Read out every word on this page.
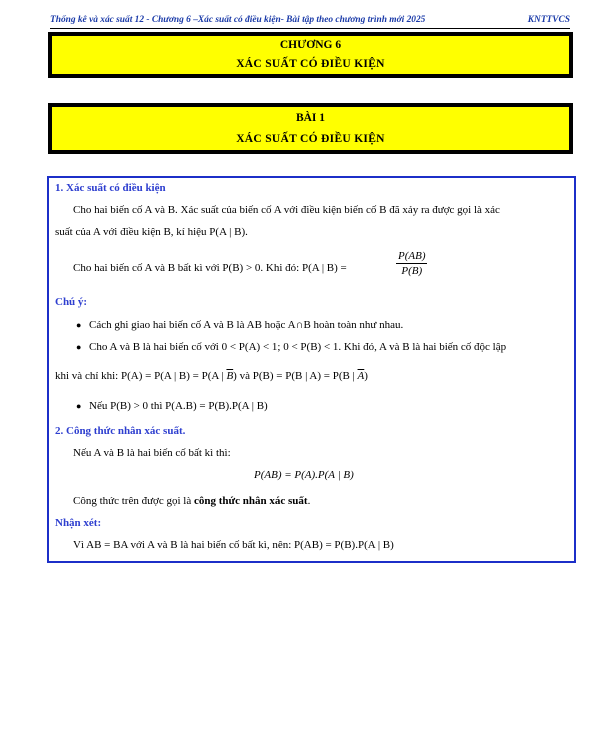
Thống kê và xác suất 12 - Chương 6 –Xác suất có điều kiện- Bài tập theo chương trình mới 2025	KNTTVCS
CHƯƠNG 6
XÁC SUẤT CÓ ĐIỀU KIỆN
BÀI 1
XÁC SUẤT CÓ ĐIỀU KIỆN
1. Xác suất có điều kiện
Cho hai biến cố A và B. Xác suất của biến cố A với điều kiện biến cố B đã xảy ra được gọi là xác
suất của A với điều kiện B, kí hiệu P(A | B).
Cho hai biến cố A và B bất kì với P(B) > 0. Khi đó: P(A | B) =	$\frac{P(AB)}{P(B)}$
Chú ý:
● Cách ghi giao hai biến cố A và B là AB hoặc A∩B hoàn toàn như nhau.
● Cho A và B là hai biến cố với 0 < P(A) < 1; 0 < P(B) < 1. Khi đó, A và B là hai biến cố độc lập
khi và chỉ khi: P(A) = P(A | B) = P(A | $\overline{B}$) và P(B) = P(B | A) = P(B | $\overline{A}$)
● Nếu P(B) > 0 thì P(A.B) = P(B).P(A | B)
2. Công thức nhân xác suất.
Nếu A và B là hai biến cố bất kì thì:
P(AB) = P(A).P(A | B)
Công thức trên được gọi là công thức nhân xác suất.
Nhận xét:
Vì AB = BA với A và B là hai biến cố bất kì, nên: P(AB) = P(B).P(A | B)
